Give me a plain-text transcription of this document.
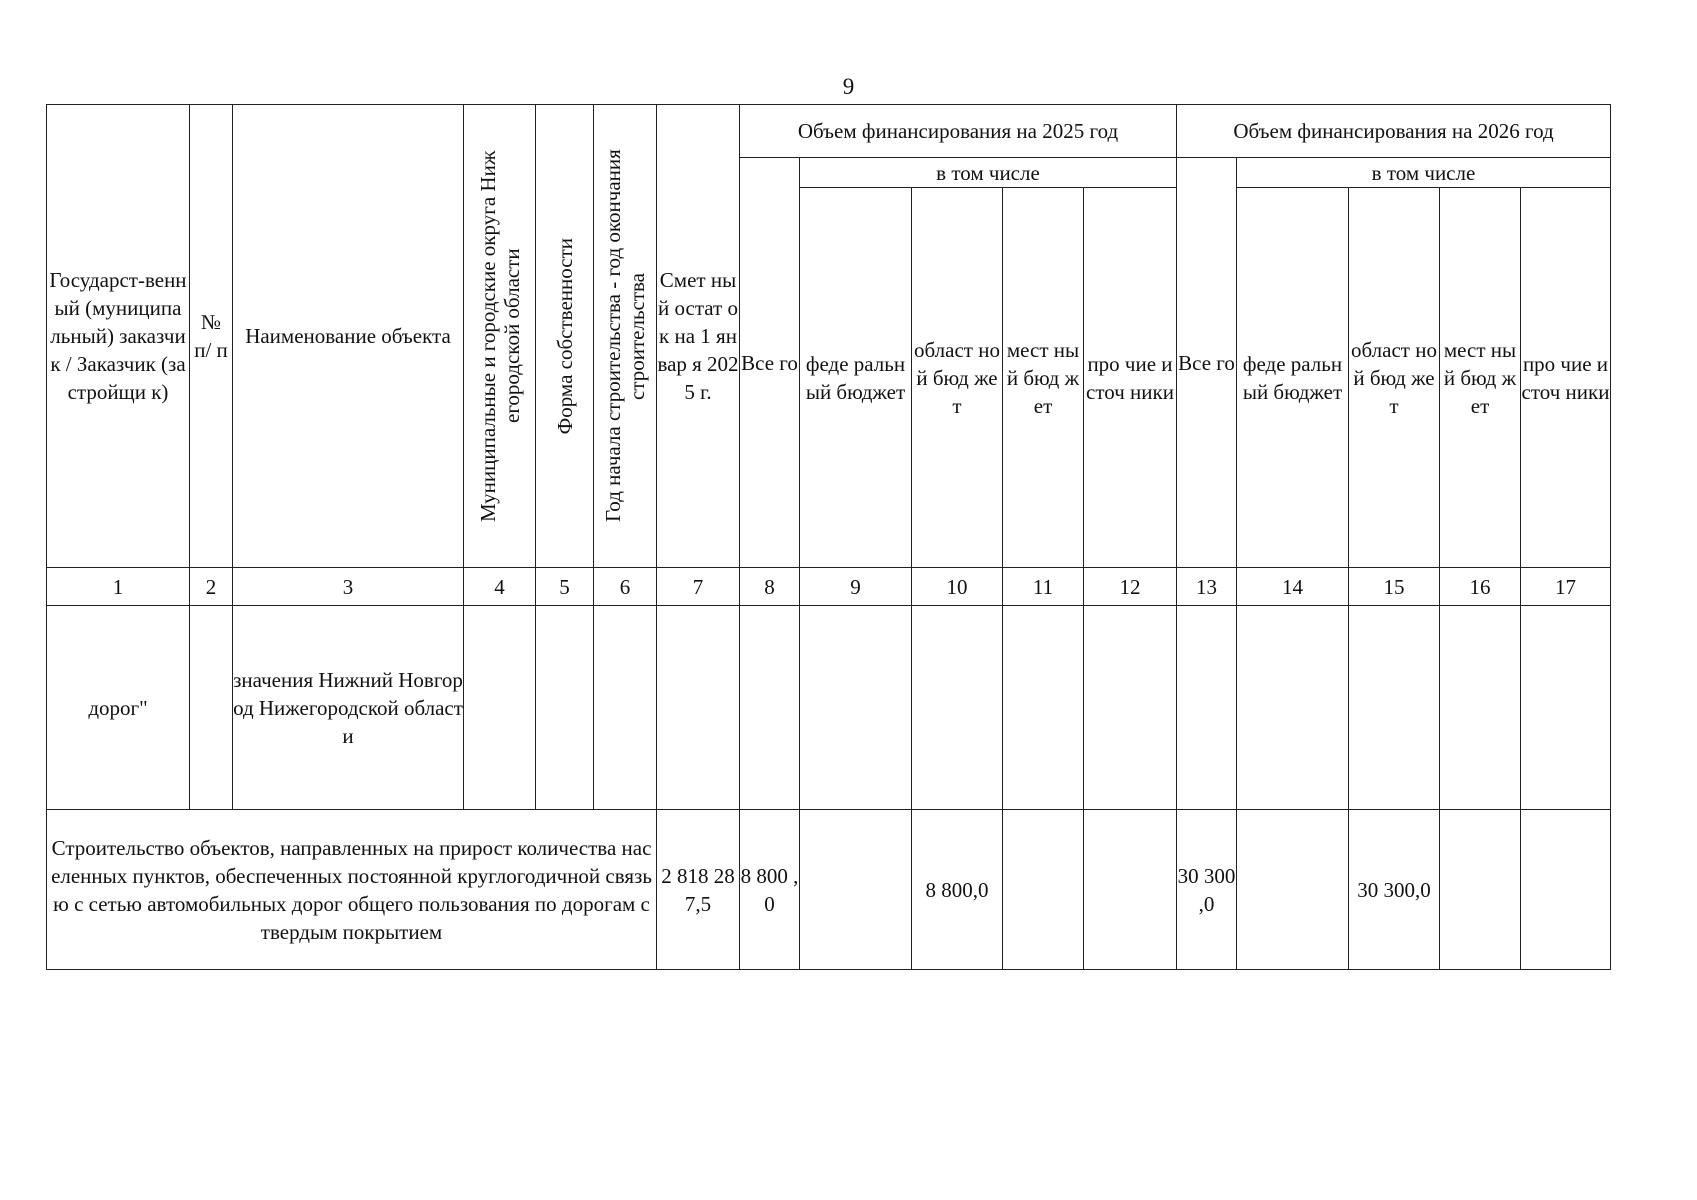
9
Государст-венный (муниципа льный) заказчик / Заказчик (застройщи к)	№ п/ п	Наименование объекта	Муниципальные и городские округа Нижегородской области	Форма собственности	Год начала строительства - год окончания строительства	Смет ный остат ок на 1 январ я 2025 г.	Объем финансирования на 2025 год					Объем финансирования на 2026 год				
							Все го	в том числе				Все го	в том числе			
								феде ральный бюджет	област ной бюд жет	мест ный бюд жет	про чие источ ники		феде ральный бюджет	област ной бюд жет	мест ный бюд жет	про чие источ ники
1	2	3	4	5	6	7	8	9	10	11	12	13	14	15	16	17
дорог"		значения Нижний Новгород Нижегородской области														
Строительство объектов, направленных на прирост количества населенных пунктов, обеспеченных постоянной круглогодичной связью с сетью автомобильных дорог общего пользования по дорогам с твердым покрытием						2 818 287,5	8 800 ,0		8 800,0			30 300 ,0		30 300,0		
